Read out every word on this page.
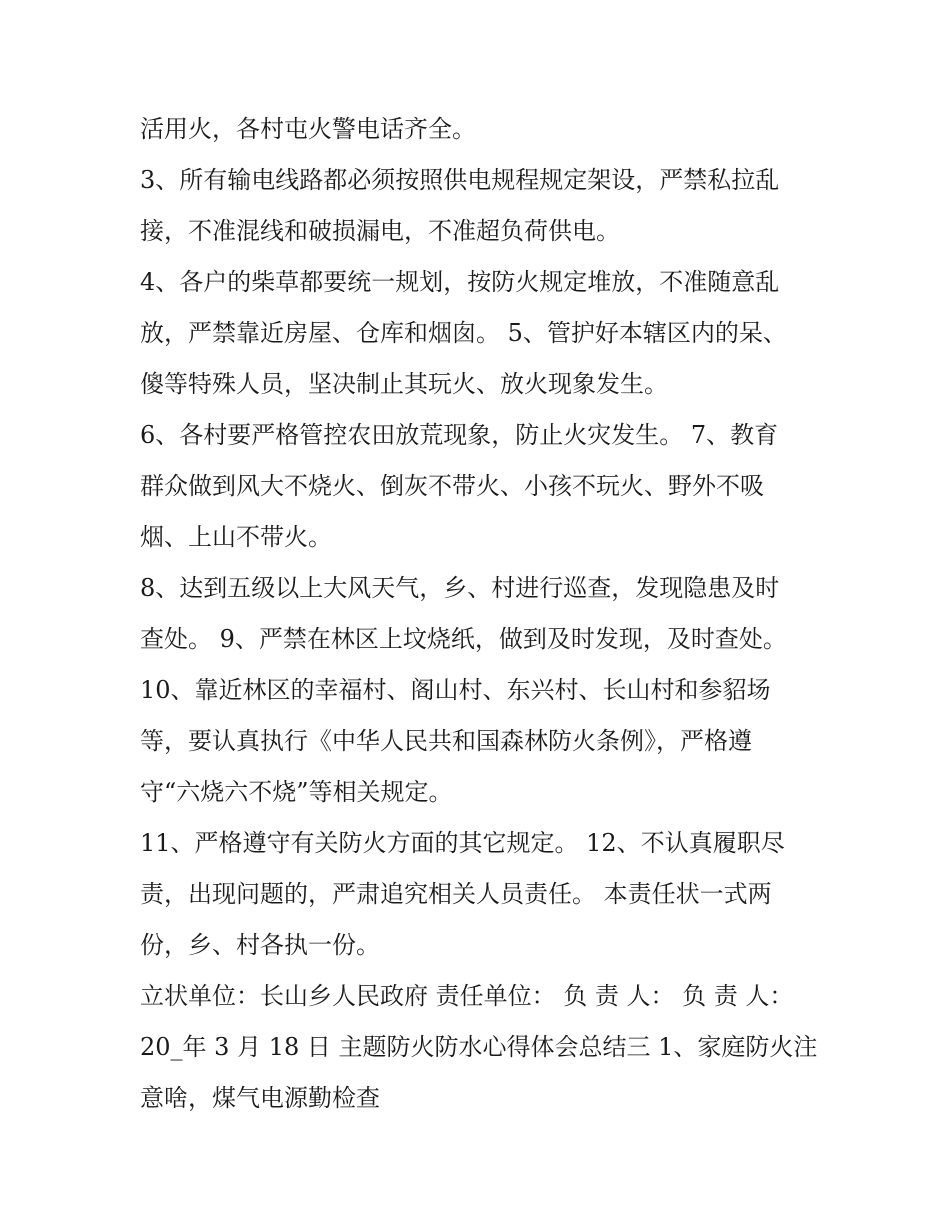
活用火，各村屯火警电话齐全。
3、所有输电线路都必须按照供电规程规定架设，严禁私拉乱
接，不准混线和破损漏电，不准超负荷供电。
4、各户的柴草都要统一规划，按防火规定堆放，不准随意乱
放，严禁靠近房屋、仓库和烟囱。 5、管护好本辖区内的呆、
傻等特殊人员，坚决制止其玩火、放火现象发生。
6、各村要严格管控农田放荒现象，防止火灾发生。 7、教育
群众做到风大不烧火、倒灰不带火、小孩不玩火、野外不吸
烟、上山不带火。
8、达到五级以上大风天气，乡、村进行巡查，发现隐患及时
查处。 9、严禁在林区上坟烧纸，做到及时发现，及时查处。
10、靠近林区的幸福村、阁山村、东兴村、长山村和参貂场
等，要认真执行《中华人民共和国森林防火条例》，严格遵
守“六烧六不烧”等相关规定。
11、严格遵守有关防火方面的其它规定。 12、不认真履职尽
责，出现问题的，严肃追究相关人员责任。 本责任状一式两
份，乡、村各执一份。
立状单位：长山乡人民政府 责任单位： 负 责 人： 负 责 人：
20_年 3 月 18 日 主题防火防水心得体会总结三 1、家庭防火注
意啥，煤气电源勤检查
